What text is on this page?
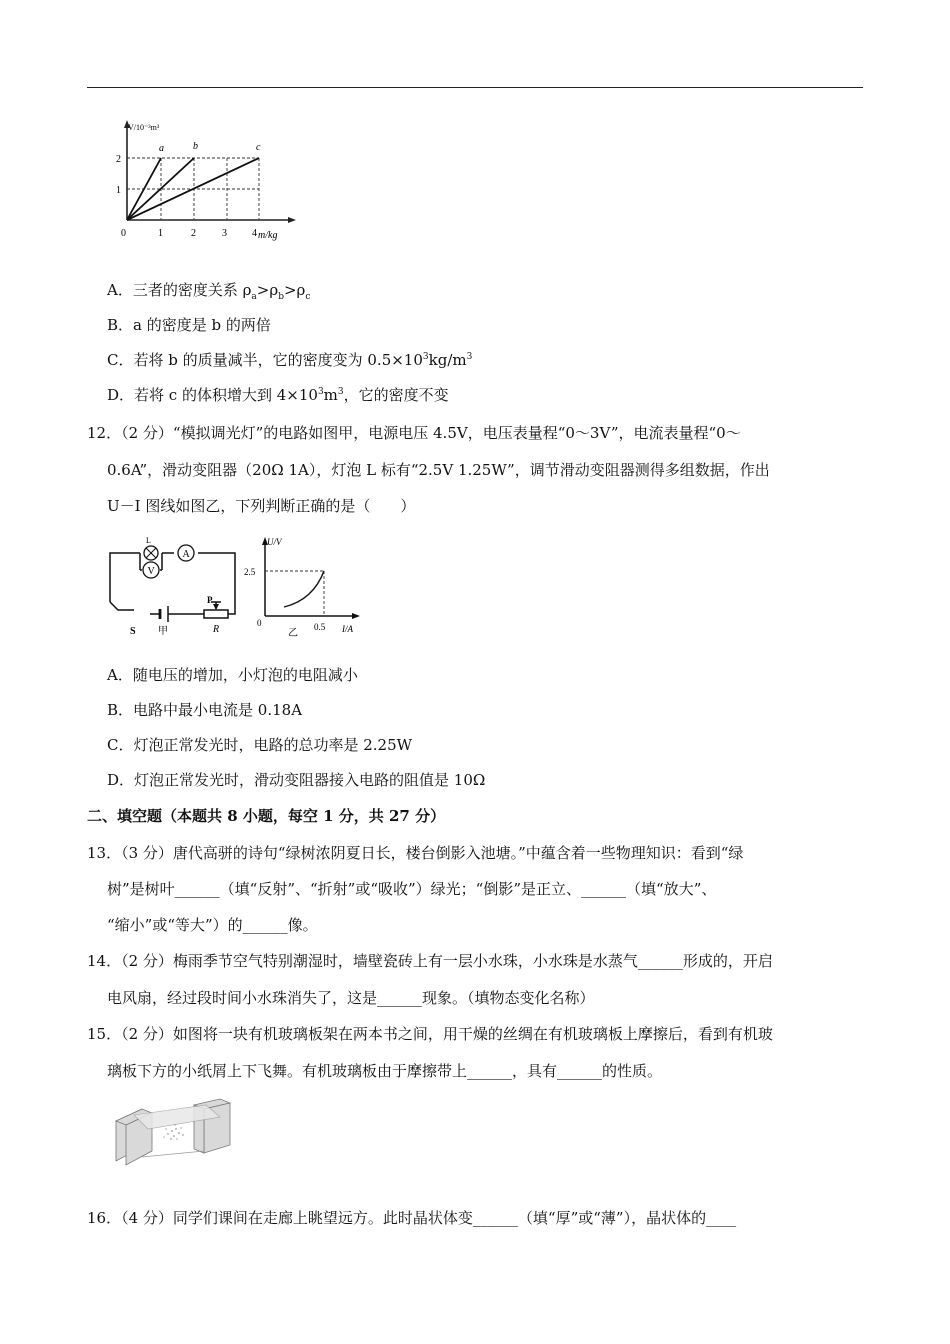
V/10⁻³m³
m/kg
0	1	2	3	4
1
2
a	b	c
A．三者的密度关系 $\rho_a>\rho_b>\rho_c$
B．a 的密度是 b 的两倍
C．若将 b 的质量减半，它的密度变为 $0.5\times 10^3kg/m^3$
D．若将 c 的体积增大到 $4\times 10^3m^3$，它的密度不变
12．（2 分）“模拟调光灯”的电路如图甲，电源电压 4.5V，电压表量程“0～3V”，电流表量程“0～
0.6A”，滑动变阻器（20Ω 1A），灯泡 L 标有“2.5V 1.25W”，调节滑动变阻器测得多组数据，作出
U－I 图线如图乙，下列判断正确的是（　　）
A
V
L
S 甲
P
R
U/V
2.5
0	0.5 I/A
乙
A．随电压的增加，小灯泡的电阻减小
B．电路中最小电流是 0.18A
C．灯泡正常发光时，电路的总功率是 2.25W
D．灯泡正常发光时，滑动变阻器接入电路的阻值是 10Ω
二、填空题（本题共 8 小题，每空 1 分，共 27 分）
13．（3 分）唐代高骈的诗句“绿树浓阴夏日长，楼台倒影入池塘。”中蕴含着一些物理知识：看到“绿
树”是树叶______（填“反射”、“折射”或“吸收”）绿光；“倒影”是正立、______（填“放大”、
“缩小”或“等大”）的______像。
14．（2 分）梅雨季节空气特别潮湿时，墙壁瓷砖上有一层小水珠，小水珠是水蒸气______形成的，开启
电风扇，经过段时间小水珠消失了，这是______现象。（填物态变化名称）
15．（2 分）如图将一块有机玻璃板架在两本书之间，用干燥的丝绸在有机玻璃板上摩擦后，看到有机玻
璃板下方的小纸屑上下飞舞。有机玻璃板由于摩擦带上______，具有______的性质。
16．（4 分）同学们课间在走廊上眺望远方。此时晶状体变______（填“厚”或“薄”），晶状体的____
